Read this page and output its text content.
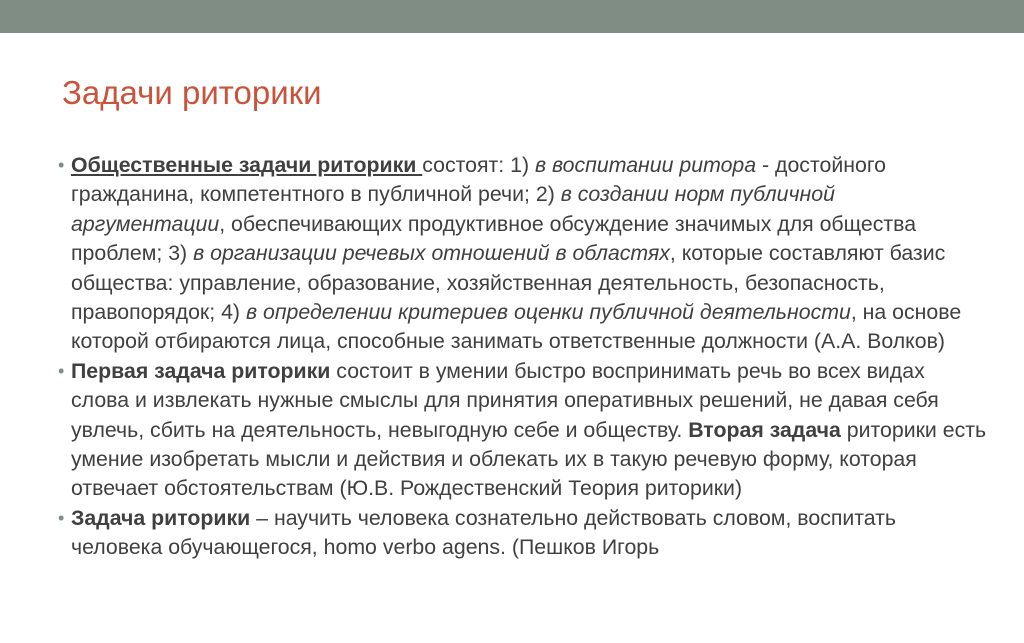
Задачи риторики
• Общественные задачи риторики состоят: 1) в воспитании ритора - достойного гражданина, компетентного в публичной речи; 2) в создании норм публичной аргументации, обеспечивающих продуктивное обсуждение значимых для общества проблем; 3) в организации речевых отношений в областях, которые составляют базис общества: управление, образование, хозяйственная деятельность, безопасность, правопорядок; 4) в определении критериев оценки публичной деятельности, на основе которой отбираются лица, способные занимать ответственные должности (А.А. Волков)
• Первая задача риторики состоит в умении быстро воспринимать речь во всех видах слова и извлекать нужные смыслы для принятия оперативных решений, не давая себя увлечь, сбить на деятельность, невыгодную себе и обществу. Вторая задача риторики есть умение изобретать мысли и действия и облекать их в такую речевую форму, которая отвечает обстоятельствам (Ю.В. Рождественский Теория риторики)
• Задача риторики – научить человека сознательно действовать словом, воспитать человека обучающегося, homo verbo agens. (Пешков Игорь
